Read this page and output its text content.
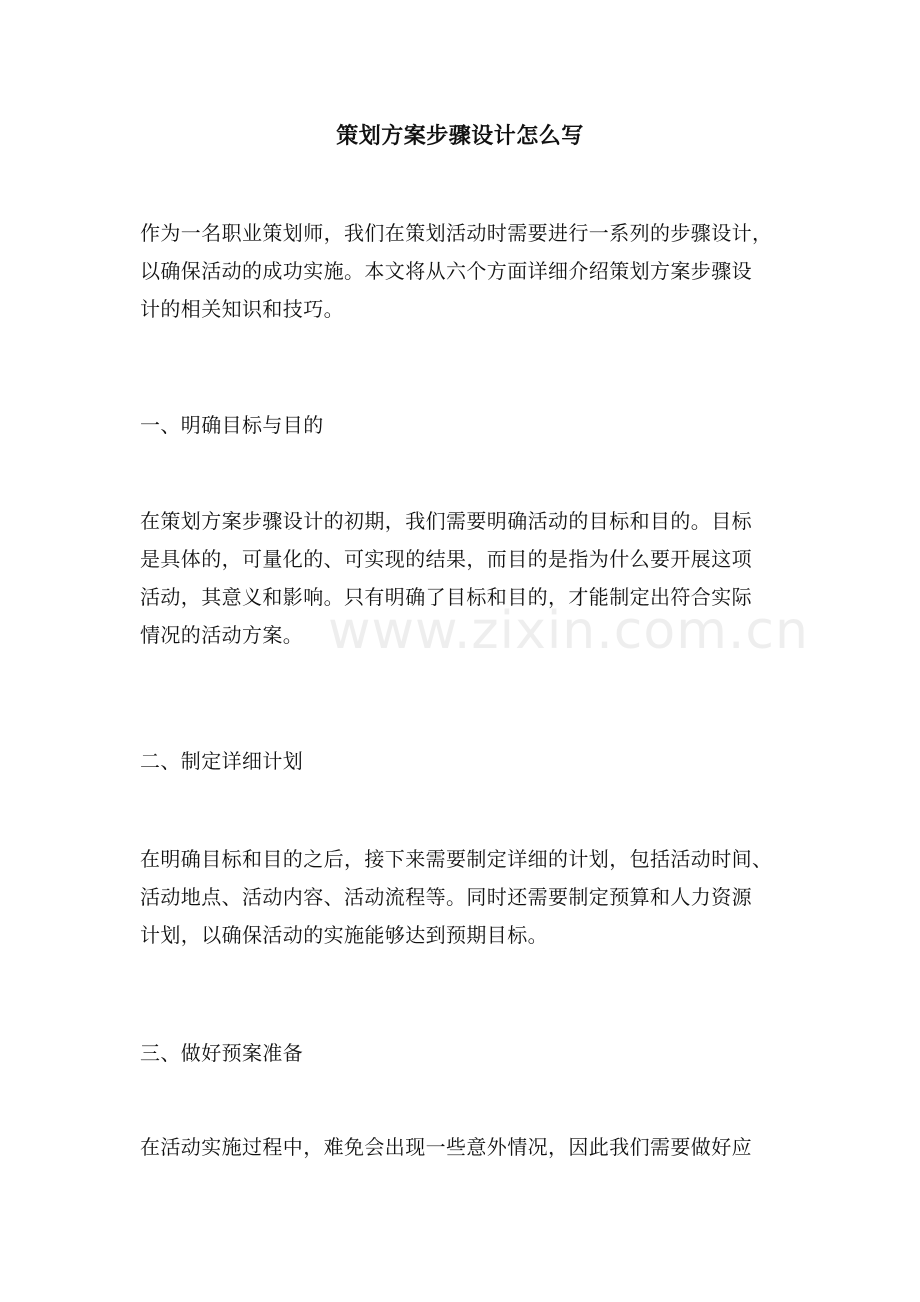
策划方案步骤设计怎么写
作为一名职业策划师，我们在策划活动时需要进行一系列的步骤设计，
以确保活动的成功实施。本文将从六个方面详细介绍策划方案步骤设
计的相关知识和技巧。
一、明确目标与目的
在策划方案步骤设计的初期，我们需要明确活动的目标和目的。目标
是具体的，可量化的、可实现的结果，而目的是指为什么要开展这项
活动，其意义和影响。只有明确了目标和目的，才能制定出符合实际
情况的活动方案。
二、制定详细计划
在明确目标和目的之后，接下来需要制定详细的计划，包括活动时间、
活动地点、活动内容、活动流程等。同时还需要制定预算和人力资源
计划，以确保活动的实施能够达到预期目标。
三、做好预案准备
在活动实施过程中，难免会出现一些意外情况，因此我们需要做好应
www.zixin.com.cn
